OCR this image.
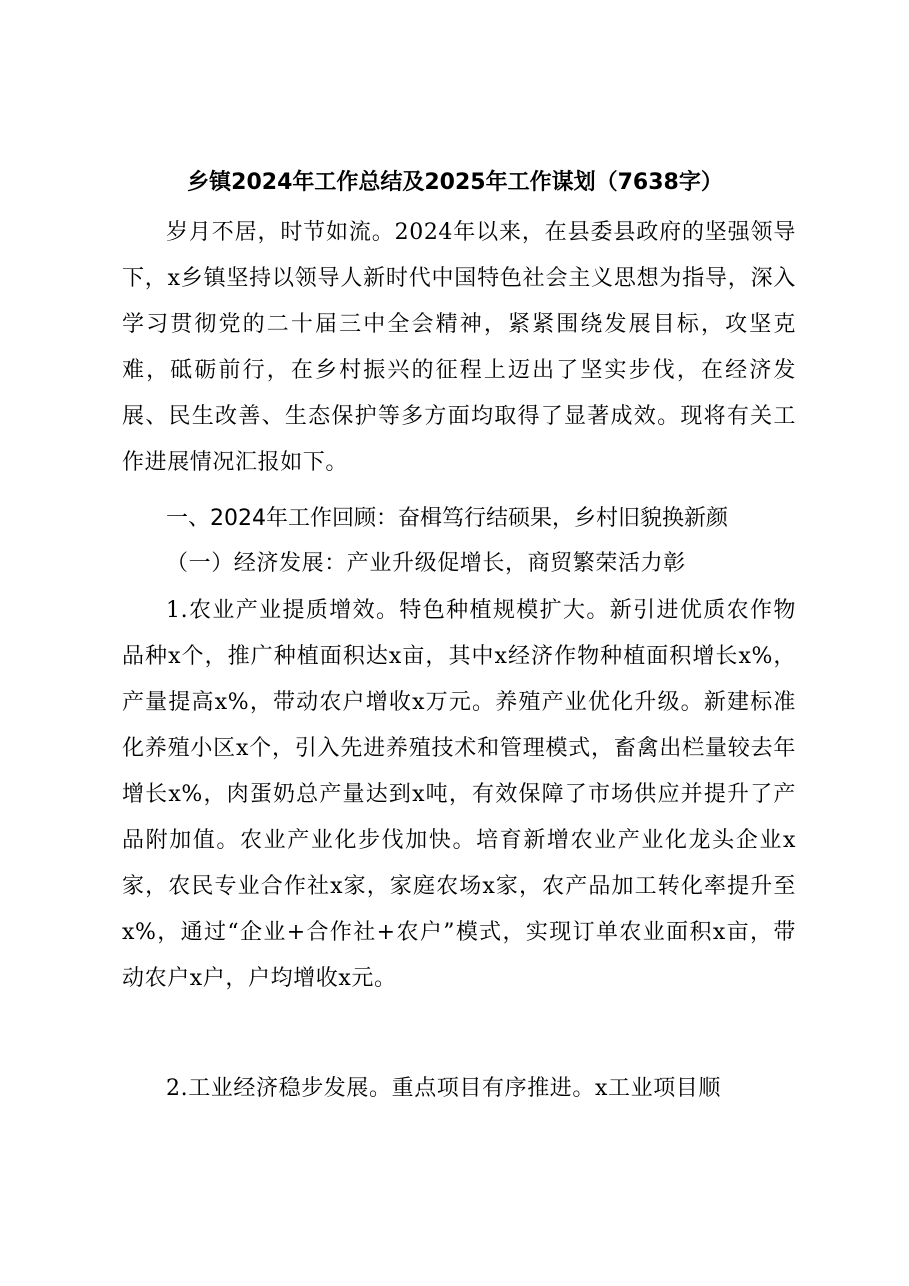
乡镇2024年工作总结及2025年工作谋划（7638字）

岁月不居，时节如流。2024年以来，在县委县政府的坚强领导下，x乡镇坚持以领导人新时代中国特色社会主义思想为指导，深入学习贯彻党的二十届三中全会精神，紧紧围绕发展目标，攻坚克难，砥砺前行，在乡村振兴的征程上迈出了坚实步伐，在经济发展、民生改善、生态保护等多方面均取得了显著成效。现将有关工作进展情况汇报如下。

一、2024年工作回顾：奋楫笃行结硕果，乡村旧貌换新颜

（一）经济发展：产业升级促增长，商贸繁荣活力彰

1.农业产业提质增效。特色种植规模扩大。新引进优质农作物品种x个，推广种植面积达x亩，其中x经济作物种植面积增长x%，产量提高x%，带动农户增收x万元。养殖产业优化升级。新建标准化养殖小区x个，引入先进养殖技术和管理模式，畜禽出栏量较去年增长x%，肉蛋奶总产量达到x吨，有效保障了市场供应并提升了产品附加值。农业产业化步伐加快。培育新增农业产业化龙头企业x家，农民专业合作社x家，家庭农场x家，农产品加工转化率提升至x%，通过“企业+合作社+农户”模式，实现订单农业面积x亩，带动农户x户，户均增收x元。

2.工业经济稳步发展。重点项目有序推进。x工业项目顺
